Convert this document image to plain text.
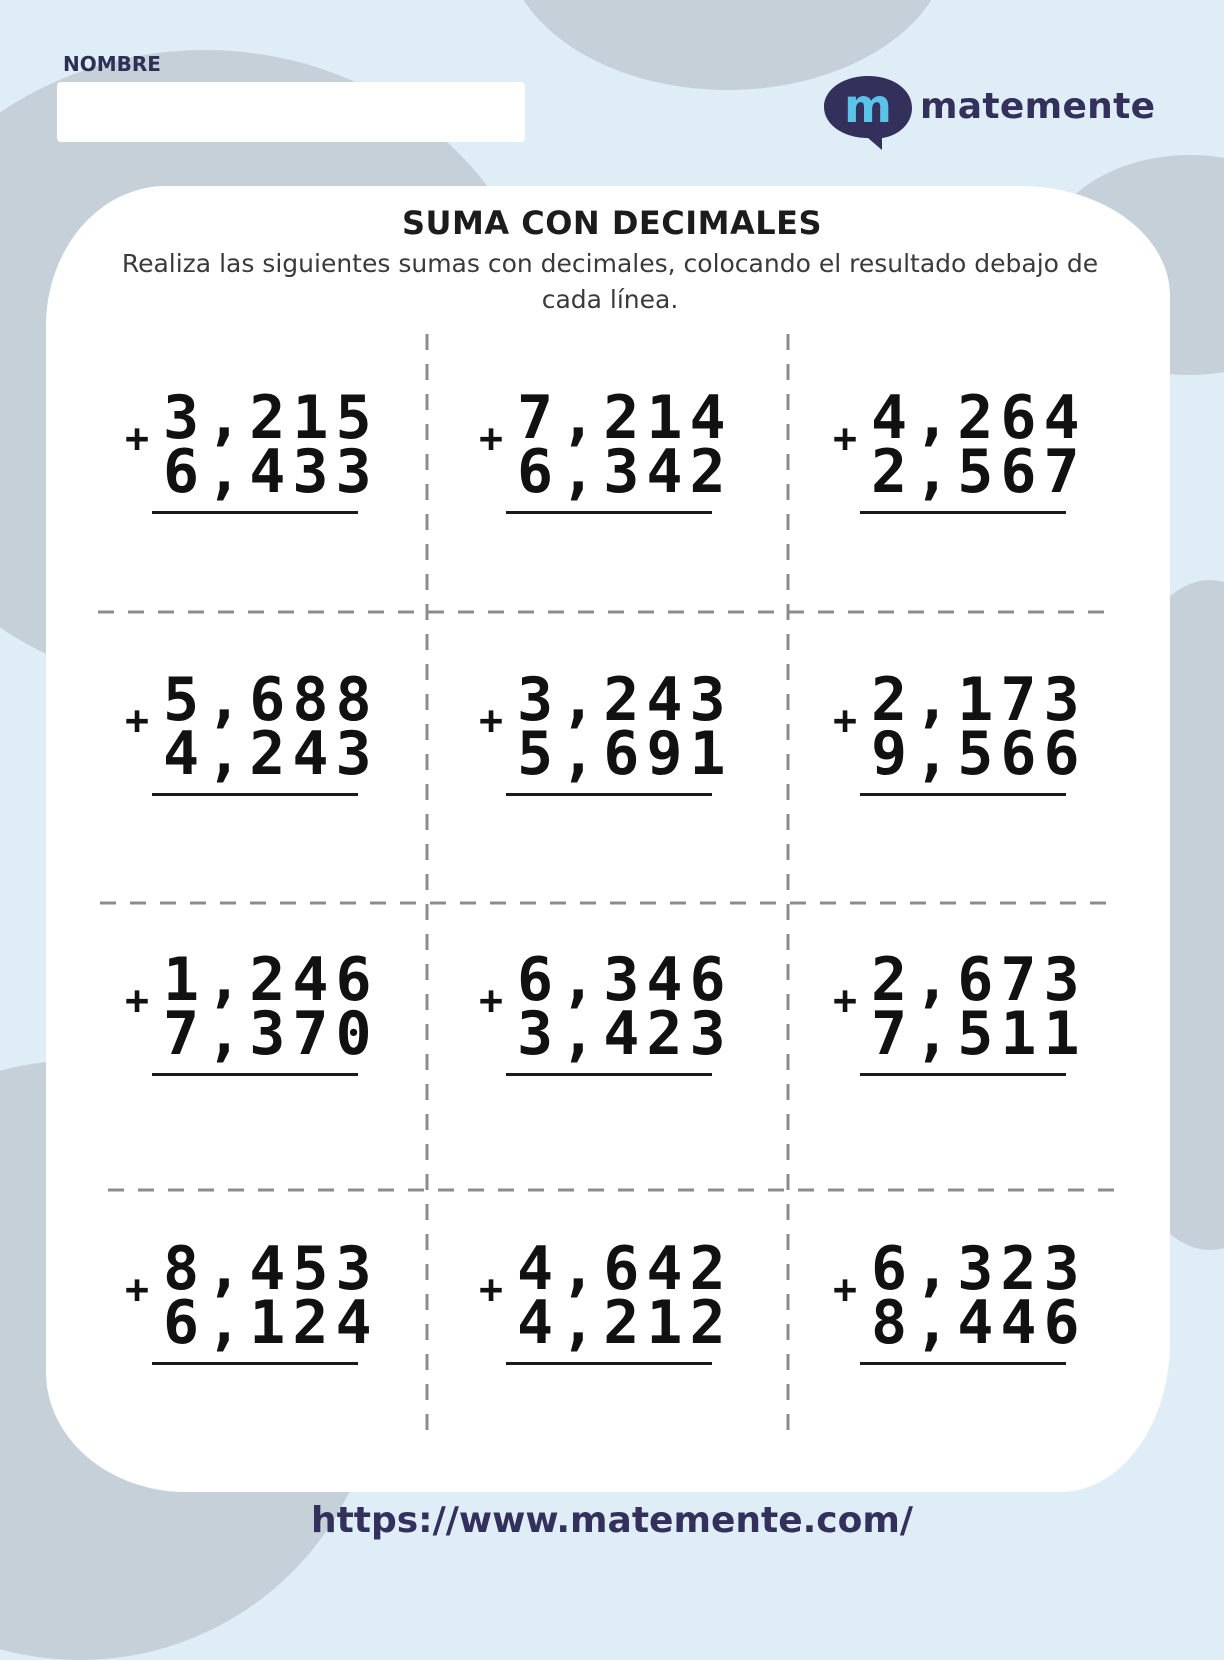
NOMBRE
m matemente
SUMA CON DECIMALES
Realiza las siguientes sumas con decimales, colocando el resultado debajo de cada línea.
+ 3,215
6,433	+ 7,214
6,342	+ 4,264
2,567
+ 5,688
4,243	+ 3,243
5,691	+ 2,173
9,566
+ 1,246
7,370	+ 6,346
3,423	+ 2,673
7,511
+ 8,453
6,124	+ 4,642
4,212	+ 6,323
8,446
https://www.matemente.com/
